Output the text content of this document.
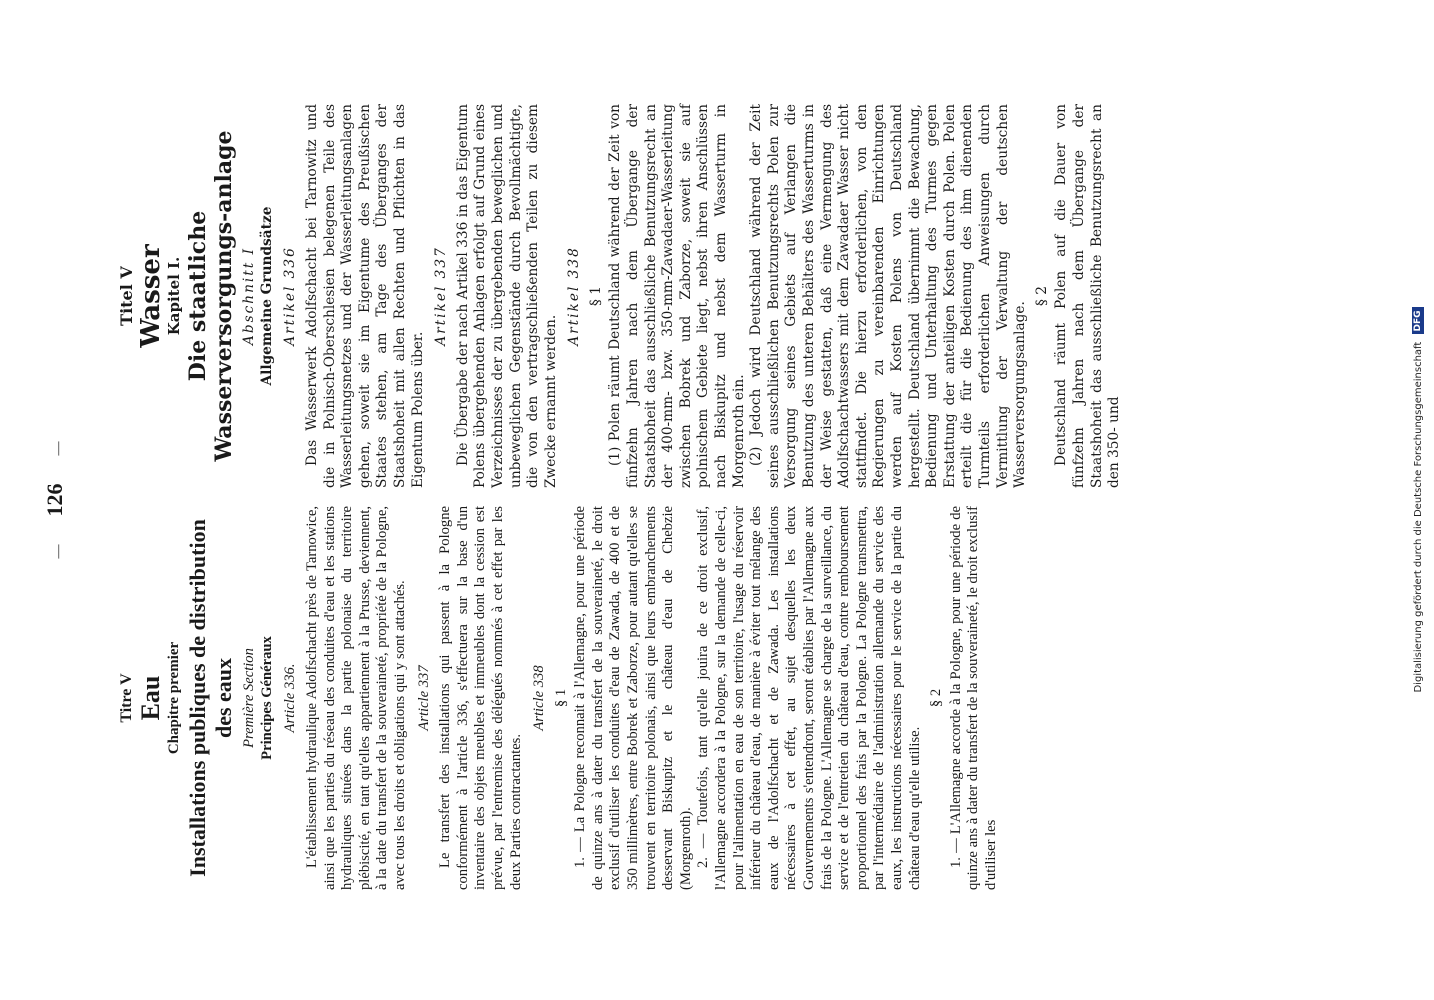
—126—

Titre V Eau Chapitre premier Installations publiques de distribution des eaux Première Section Principes Généraux Article 336. L'établissement hydraulique Adolfschacht près de Tarnowice, ainsi que les parties du réseau des conduites d'eau et les stations hydrauliques situées dans la partie polonaise du territoire plébiscité, en tant qu'elles appartiennent à la Prusse, deviennent, à la date du transfert de la souveraineté, propriété de la Pologne, avec tous les droits et obligations qui y sont attachés. Article 337 Le transfert des installations qui passent à la Pologne conformément à l'article 336, s'effectuera sur la base d'un inventaire des objets meubles et immeubles dont la cession est prévue, par l'entremise des délégués nommés à cet effet par les deux Parties contractantes.

Article 338 § 1 1. — La Pologne reconnait à l'Allemagne, pour une période de quinze ans à dater du transfert de la souveraineté, le droit exclusif d'utiliser les conduites d'eau de Zawada, de 400 et de 350 millimètres, entre Bobrek et Zaborze, pour autant qu'elles se trouvent en territoire polonais, ainsi que leurs embranchements desservant Biskupitz et le château d'eau de Chebzie (Morgenroth). 2. — Toutefois, tant qu'elle jouira de ce droit exclusif, l'Allemagne accordera à la Pologne, sur la demande de celle-ci, pour l'alimentation en eau de son territoire, l'usage du réservoir inférieur du château d'eau, de manière à éviter tout mélange des eaux de l'Adolfschacht et de Zawada. Les installations nécessaires à cet effet, au sujet desquelles les deux Gouvernements s'entendront, seront établies par l'Allemagne aux frais de la Pologne. L'Allemagne se charge de la surveillance, du service et de l'entretien du château d'eau, contre remboursement proportionnel des frais par la Pologne. La Pologne transmettra, par l'intermédiaire de l'administration allemande du service des eaux, les instructions nécessaires pour le service de la partie du château d'eau qu'elle utilise.

§ 2 1. — L'Allemagne accorde à la Pologne, pour une période de quinze ans à dater du transfert de la souveraineté, le droit exclusif d'utiliser les

Titel V Wasser Kapitel I. Die staatliche Wasserversorgungs-anlage Abschnitt I Allgemeine Grundsätze Artikel 336 Das Wasserwerk Adolfschacht bei Tarnowitz und die in Polnisch-Oberschlesien belegenen Teile des Wasserleitungsnetzes und der Wasserleitungsanlagen gehen, soweit sie im Eigentume des Preußischen Staates stehen, am Tage des Überganges der Staatshoheit mit allen Rechten und Pflichten in das Eigentum Polens über.

Artikel 337 Die Übergabe der nach Artikel 336 in das Eigentum Polens übergehenden Anlagen erfolgt auf Grund eines Verzeichnisses der zu übergebenden beweglichen und unbeweglichen Gegenstände durch Bevollmächtigte, die von den vertragschließenden Teilen zu diesem Zwecke ernannt werden.

Artikel 338 § 1 (1) Polen räumt Deutschland während der Zeit von fünfzehn Jahren nach dem Übergange der Staatshoheit das ausschließliche Benutzungsrecht an der 400-mm- bzw. 350-mm-Zawadaer-Wasserleitung zwischen Bobrek und Zaborze, soweit sie auf polnischem Gebiete liegt, nebst ihren Anschlüssen nach Biskupitz und nebst dem Wasserturm in Morgenroth ein. (2) Jedoch wird Deutschland während der Zeit seines ausschließlichen Benutzungsrechts Polen zur Versorgung seines Gebiets auf Verlangen die Benutzung des unteren Behälters des Wasserturms in der Weise gestatten, daß eine Vermengung des Adolfschachtwassers mit dem Zawadaer Wasser nicht stattfindet. Die hierzu erforderlichen, von den Regierungen zu vereinbarenden Einrichtungen werden auf Kosten Polens von Deutschland hergestellt. Deutschland übernimmt die Bewachung, Bedienung und Unterhaltung des Turmes gegen Erstattung der anteiligen Kosten durch Polen. Polen erteilt die für die Bedienung des ihm dienenden Turmteils erforderlichen Anweisungen durch Vermittlung der Verwaltung der deutschen Wasserversorgungsanlage.

§ 2 Deutschland räumt Polen auf die Dauer von fünfzehn Jahren nach dem Übergange der Staatshoheit das ausschließliche Benutzungsrecht an den 350- und	Digitalisierung gefördert durch die Deutsche Forschungsgemeinschaft DFG
